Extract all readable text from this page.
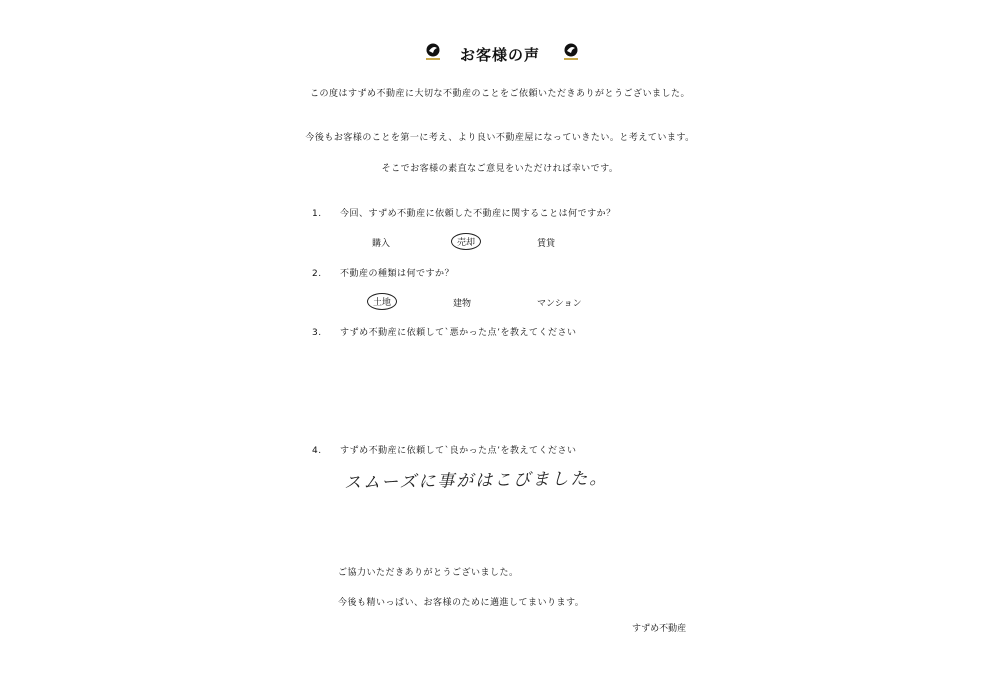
お客様の声
この度はすずめ不動産に大切な不動産のことをご依頼いただきありがとうございました。
今後もお客様のことを第一に考え、より良い不動産屋になっていきたい。と考えています。
そこでお客様の素直なご意見をいただければ幸いです。
1. 今回、すずめ不動産に依頼した不動産に関することは何ですか？
購入	売却	賃貸
2. 不動産の種類は何ですか？
土地	建物	マンション
3. すずめ不動産に依頼して`悪かった点’を教えてください
4. すずめ不動産に依頼して`良かった点’を教えてください
スムーズに事がはこびました。
ご協力いただきありがとうございました。
今後も精いっぱい、お客様のために邁進してまいります。
すずめ不動産
